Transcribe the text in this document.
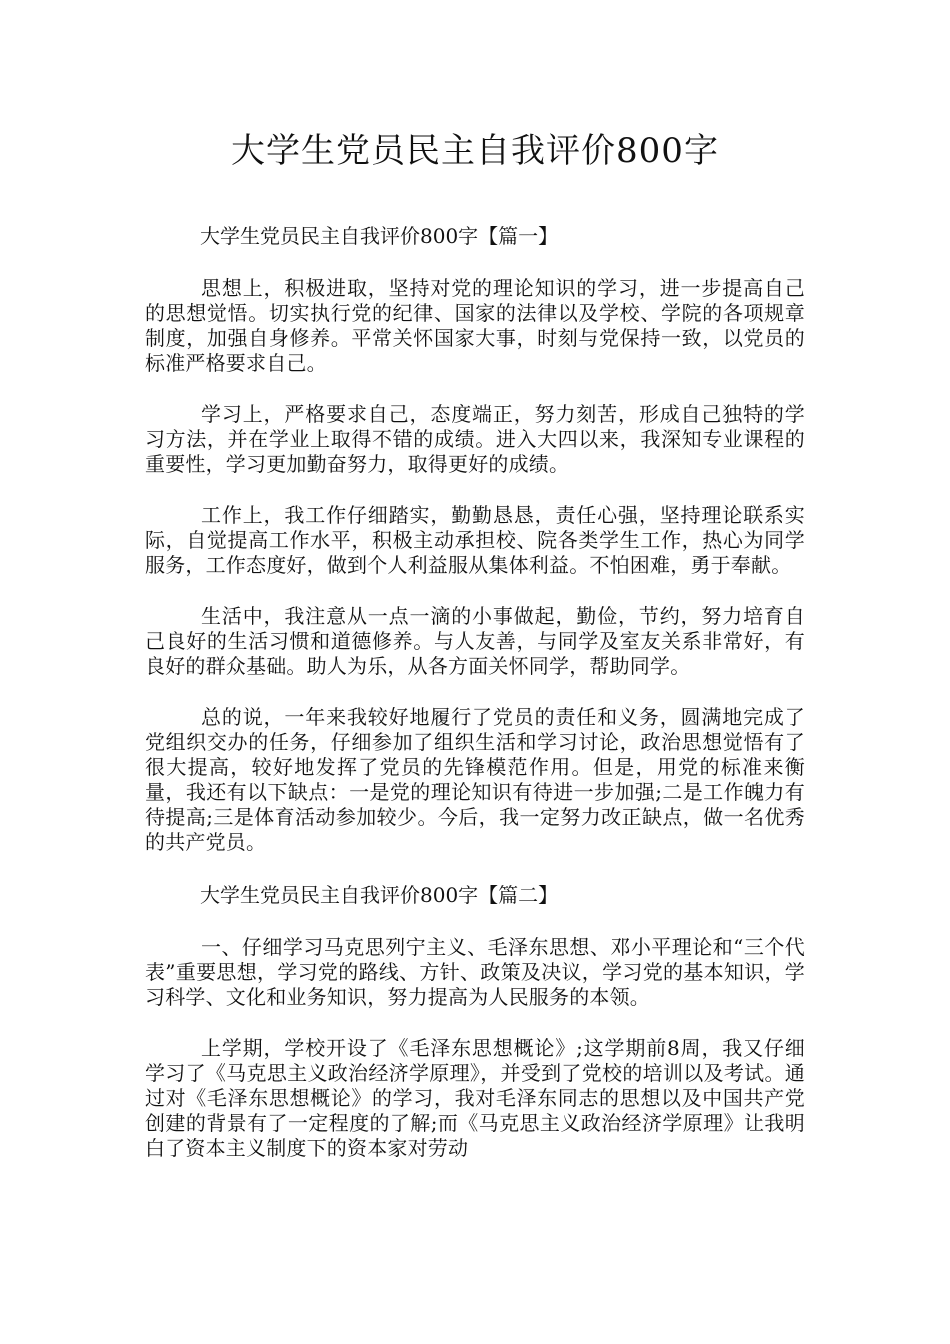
大学生党员民主自我评价800字
大学生党员民主自我评价800字【篇一】

思想上，积极进取，坚持对党的理论知识的学习，进一步提高自己的思想觉悟。切实执行党的纪律、国家的法律以及学校、学院的各项规章制度，加强自身修养。平常关怀国家大事，时刻与党保持一致，以党员的标准严格要求自己。

学习上，严格要求自己，态度端正，努力刻苦，形成自己独特的学习方法，并在学业上取得不错的成绩。进入大四以来，我深知专业课程的重要性，学习更加勤奋努力，取得更好的成绩。

工作上，我工作仔细踏实，勤勤恳恳，责任心强，坚持理论联系实际，自觉提高工作水平，积极主动承担校、院各类学生工作，热心为同学服务，工作态度好，做到个人利益服从集体利益。不怕困难，勇于奉献。

生活中，我注意从一点一滴的小事做起，勤俭，节约，努力培育自己良好的生活习惯和道德修养。与人友善，与同学及室友关系非常好，有良好的群众基础。助人为乐，从各方面关怀同学，帮助同学。

总的说，一年来我较好地履行了党员的责任和义务，圆满地完成了党组织交办的任务，仔细参加了组织生活和学习讨论，政治思想觉悟有了很大提高，较好地发挥了党员的先锋模范作用。但是，用党的标准来衡量，我还有以下缺点：一是党的理论知识有待进一步加强;二是工作魄力有待提高;三是体育活动参加较少。今后，我一定努力改正缺点，做一名优秀的共产党员。

大学生党员民主自我评价800字【篇二】

一、仔细学习马克思列宁主义、毛泽东思想、邓小平理论和“三个代表”重要思想，学习党的路线、方针、政策及决议，学习党的基本知识，学习科学、文化和业务知识，努力提高为人民服务的本领。

上学期，学校开设了《毛泽东思想概论》;这学期前8周，我又仔细学习了《马克思主义政治经济学原理》，并受到了党校的培训以及考试。通过对《毛泽东思想概论》的学习，我对毛泽东同志的思想以及中国共产党创建的背景有了一定程度的了解;而《马克思主义政治经济学原理》让我明白了资本主义制度下的资本家对劳动
